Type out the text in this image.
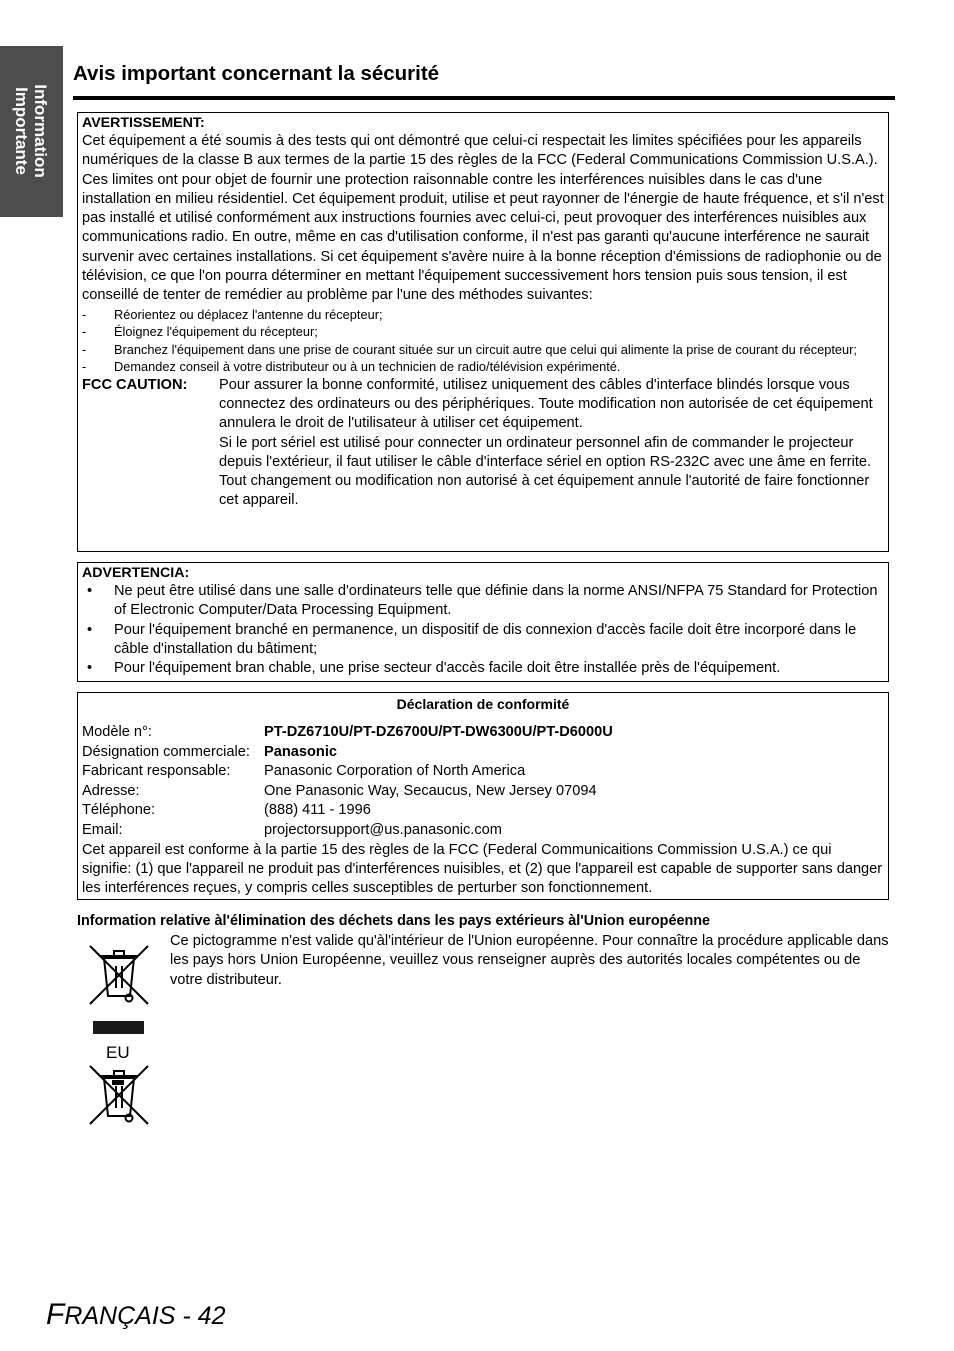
Information
Importante
Avis important concernant la sécurité
AVERTISSEMENT:

Cet équipement a été soumis à des tests qui ont démontré que celui-ci respectait les limites spécifiées pour les appareils numériques de la classe B aux termes de la partie 15 des règles de la FCC (Federal Communications Commission U.S.A.). Ces limites ont pour objet de fournir une protection raisonnable contre les interférences nuisibles dans le cas d'une installation en milieu résidentiel. Cet équipement produit, utilise et peut rayonner de l'énergie de haute fréquence, et s'il n'est pas installé et utilisé conformément aux instructions fournies avec celui-ci, peut provoquer des interférences nuisibles aux communications radio. En outre, même en cas d'utilisation conforme, il n'est pas garanti qu'aucune interférence ne saurait survenir avec certaines installations. Si cet équipement s'avère nuire à la bonne réception d'émissions de radiophonie ou de télévision, ce que l'on pourra déterminer en mettant l'équipement successivement hors tension puis sous tension, il est conseillé de tenter de remédier au problème par l'une des méthodes suivantes:

- Réorientez ou déplacez l'antenne du récepteur;
- Éloignez l'équipement du récepteur;
- Branchez l'équipement dans une prise de courant située sur un circuit autre que celui qui alimente la prise de courant du récepteur;
- Demandez conseil à votre distributeur ou à un technicien de radio/télévision expérimenté.
FCC CAUTION: Pour assurer la bonne conformité, utilisez uniquement des câbles d'interface blindés lorsque vous connectez des ordinateurs ou des périphériques. Toute modification non autorisée de cet équipement annulera le droit de l'utilisateur à utiliser cet équipement.
Si le port sériel est utilisé pour connecter un ordinateur personnel afin de commander le projecteur depuis l'extérieur, il faut utiliser le câble d'interface sériel en option RS-232C avec une âme en ferrite. Tout changement ou modification non autorisé à cet équipement annule l'autorité de faire fonctionner cet appareil.
ADVERTENCIA:
• Ne peut être utilisé dans une salle d'ordinateurs telle que définie dans la norme ANSI/NFPA 75 Standard for Protection of Electronic Computer/Data Processing Equipment.
• Pour l'équipement branché en permanence, un dispositif de dis connexion d'accès facile doit être incorporé dans le câble d'installation du bâtiment;
• Pour l'équipement bran chable, une prise secteur d'accès facile doit être installée près de l'équipement.
Déclaration de conformité
Modèle n°:	PT-DZ6710U/PT-DZ6700U/PT-DW6300U/PT-D6000U
Désignation commerciale: Panasonic
Fabricant responsable: Panasonic Corporation of North America
Adresse:	One Panasonic Way, Secaucus, New Jersey 07094
Téléphone:	(888) 411 - 1996
Email:	projectorsupport@us.panasonic.com

Cet appareil est conforme à la partie 15 des règles de la FCC (Federal Communicaitions Commission U.S.A.) ce qui signifie: (1) que l'appareil ne produit pas d'interférences nuisibles, et (2) que l'appareil est capable de supporter sans danger les interférences reçues, y compris celles susceptibles de perturber son fonctionnement.

Information relative àl'élimination des déchets dans les pays extérieurs àl'Union européenne

Ce pictogramme n'est valide qu'àl'intérieur de l'Union européenne. Pour connaître la procédure applicable dans les pays hors Union Européenne, veuillez vous renseigner auprès des autorités locales compétentes ou de votre distributeur.

EU
FRANÇAIS - 42
